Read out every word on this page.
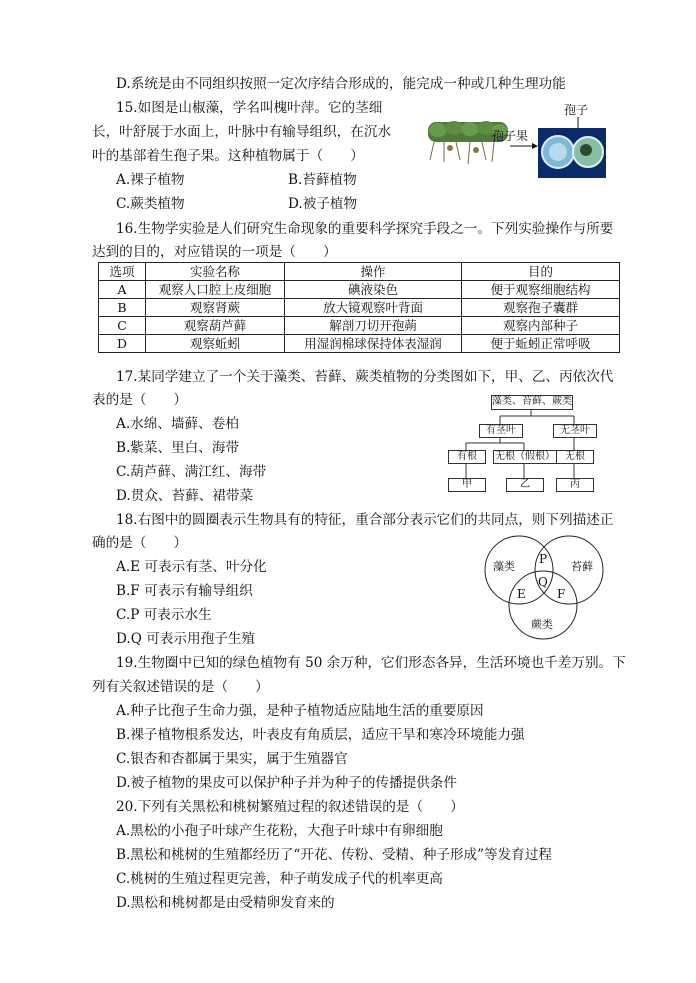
D.系统是由不同组织按照一定次序结合形成的，能完成一种或几种生理功能
15.如图是山椒藻，学名叫槐叶萍。它的茎细
长，叶舒展于水面上，叶脉中有输导组织，在沉水
叶的基部着生孢子果。这种植物属于（　　）
A.裸子植物	B.苔藓植物
C.蕨类植物	D.被子植物
孢子果
孢子
16.生物学实验是人们研究生命现象的重要科学探究手段之一。下列实验操作与所要
达到的目的，对应错误的一项是（　　）
选项	实验名称	操作	目的
A	观察人口腔上皮细胞	碘液染色	便于观察细胞结构
B	观察肾蕨	放大镜观察叶背面	观察孢子囊群
C	观察葫芦藓	解剖刀切开孢蒴	观察内部种子
D	观察蚯蚓	用湿润棉球保持体表湿润	便于蚯蚓正常呼吸
17.某同学建立了一个关于藻类、苔藓、蕨类植物的分类图如下，甲、乙、丙依次代
表的是（　　）
A.水绵、墙藓、卷柏
B.紫菜、里白、海带
C.葫芦藓、满江红、海带
D.贯众、苔藓、裙带菜
藻类、苔藓、蕨类
有茎叶	无茎叶
有根	无根（假根）	无根
甲	乙	丙
18.右图中的圆圈表示生物具有的特征，重合部分表示它们的共同点，则下列描述正
确的是（　　）
A.E 可表示有茎、叶分化
B.F 可表示有输导组织
C.P 可表示水生
D.Q 可表示用孢子生殖
藻类	苔藓
蕨类
P
Q
E	F
19.生物圈中已知的绿色植物有 50 余万种，它们形态各异，生活环境也千差万别。下
列有关叙述错误的是（　　）
A.种子比孢子生命力强，是种子植物适应陆地生活的重要原因
B.裸子植物根系发达，叶表皮有角质层，适应干旱和寒冷环境能力强
C.银杏和杏都属于果实，属于生殖器官
D.被子植物的果皮可以保护种子并为种子的传播提供条件
20.下列有关黑松和桃树繁殖过程的叙述错误的是（　　）
A.黑松的小孢子叶球产生花粉，大孢子叶球中有卵细胞
B.黑松和桃树的生殖都经历了“开花、传粉、受精、种子形成”等发育过程
C.桃树的生殖过程更完善，种子萌发成子代的机率更高
D.黑松和桃树都是由受精卵发育来的
